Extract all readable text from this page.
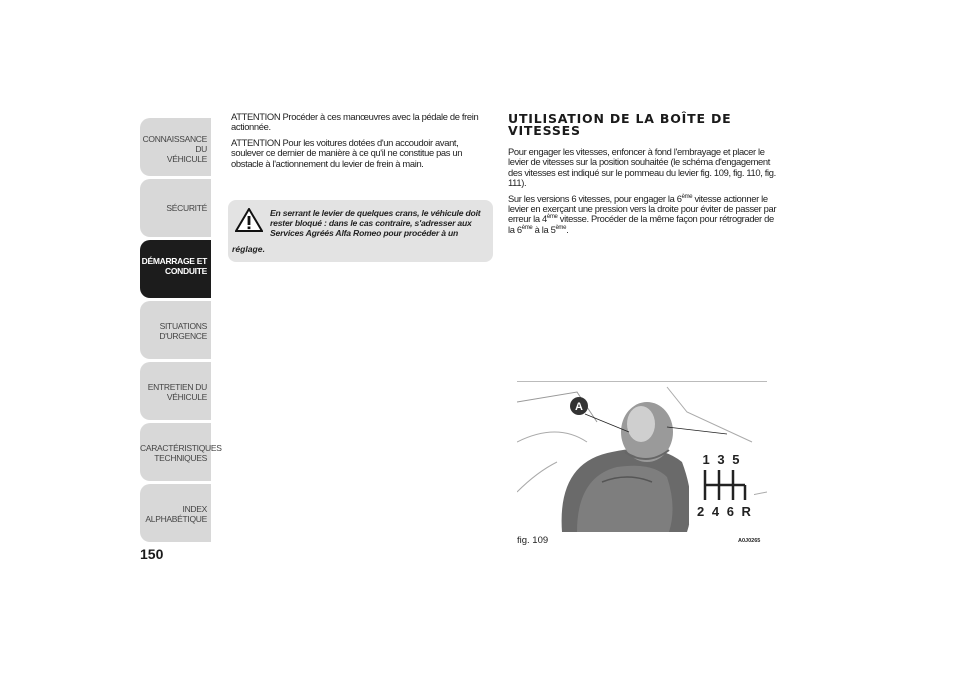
CONNAISSANCE DU
VÉHICULE
SÉCURITÉ
DÉMARRAGE ET
CONDUITE
SITUATIONS
D'URGENCE
ENTRETIEN DU
VÉHICULE
CARACTÉRISTIQUES
TECHNIQUES
INDEX
ALPHABÉTIQUE
150

ATTENTION Procéder à ces manœuvres avec la pédale de frein actionnée.

ATTENTION Pour les voitures dotées d'un accoudoir avant, soulever ce dernier de manière à ce qu'il ne constitue pas un obstacle à l'actionnement du levier de frein à main.

En serrant le levier de quelques crans, le véhicule doit rester bloqué : dans le cas contraire, s'adresser aux Services Agréés Alfa Romeo pour procéder à un
réglage.
UTILISATION DE LA BOÎTE DE VITESSES

Pour engager les vitesses, enfoncer à fond l'embrayage et placer le levier de vitesses sur la position souhaitée (le schéma d'engagement des vitesses est indiqué sur le pommeau du levier fig. 109, fig. 110, fig. 111).

Sur les versions 6 vitesses, pour engager la 6ème vitesse actionner le levier en exerçant une pression vers la droite pour éviter de passer par erreur la 4ème vitesse. Procéder de la même façon pour rétrograder de la 6ème à la 5ème.

A
1 3 5
2 4 6 R
fig. 109	A0J0265
